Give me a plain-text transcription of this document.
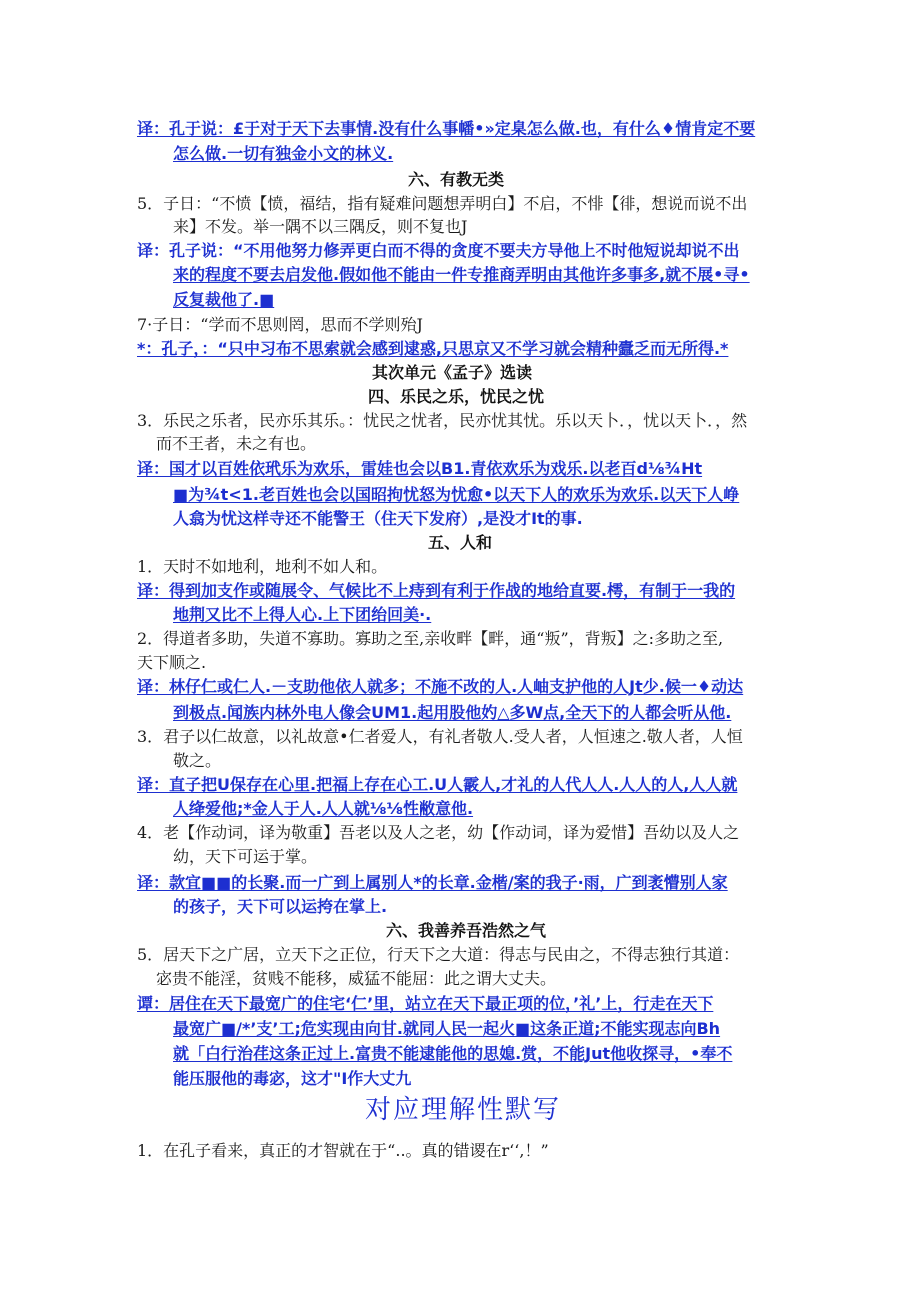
译：孔于说：£于对于天下去事情.没有什么事幡•»定臬怎么做.也，有什么♦情肯定不要
怎么做.一切有独金小文的林义.
六、有教无类
5．子日：“不愤【愤，福结，指有疑难问题想弄明白】不启，不悱【徘，想说而说不出
来】不发。举一隅不以三隅反，则不复也J
译：孔子说：“不用他努力修弄更白而不得的贪度不要夫方导他上不时他短说却说不出
来的程度不要去启发他.假如他不能由一件专推商弄明由其他许多事多,就不展•寻•
反复裁他了.■
7·子日：“学而不思则罔，思而不学则殆J
*：孔子，：“只中习布不思索就会感到逮惑,只思京又不学习就会精种蠹乏而无所得.*
其次单元《孟子》选读
四、乐民之乐，忧民之忧
3．乐民之乐者，民亦乐其乐。：忧民之忧者，民亦忧其忧。乐以天卜．，忧以天卜．，然
而不王者，未之有也。
译：国才以百姓依玳乐为欢乐，雷娃也会以B1.青依欢乐为戏乐.以老百d⅛¾Ht
■为¾t<1.老百姓也会以国昭拘忧怒为忧愈•以天下人的欢乐为欢乐.以天下人峥
人翕为忧这样寺还不能警王（住天下发府）,是没才It的事.
五、人和
1．天时不如地利，地利不如人和。
译：得到加支作或随展令、气候比不上痔到有利于作战的地给直要.樗，有制于一我的
地荆又比不上得人心.上下团绐回美·.
2．得道者多助，失道不寡助。寡助之至,亲收畔【畔，通“叛”，背叛】之:多助之至,
天下顺之.
译：林仔仁或仁人.－支助他依人就多；不施不改的人.人岫支护他的人Jt少.候一♦动达
到极点.闻族内林外电人像会UM1.起用股他妁△多W点,全天下的人都会听从他.
3．君子以仁故意，以礼故意•仁者爱人，有礼者敬人.受人者，人恒速之.敬人者，人恒
敬之。
译：直子把U保存在心里.把福上存在心工.U人霰人,才礼的人代人人.人人的人,人人就
人绛爱他;*金人于人.人人就⅛⅛性敝意他.
4．老【作动词，译为敬重】吾老以及人之老，幼【作动词，译为爱惜】吾幼以及人之
幼，天下可运于掌。
译：款宜■■的长聚.而一广到上属别人*的长章.金楷/案的我子·雨，广到袤懵别人家
的孩子，天下可以运挎在掌上.
六、我善养吾浩然之气
5．居天下之广居，立天下之正位，行天下之大道：得志与民由之，不得志独行其道：
宓贵不能淫，贫贱不能移，威猛不能屈：此之谓大丈夫。
谭：居住在天下最宽广的住宅‘仁’里，站立在天下最正项的位，’礼’上，行走在天下
最宽广■/*’支’工;危实现由向甘.就同人民一起火■这条正道;不能实现志向Bh
就「白行治荏这条正过上.富贵不能逮能他的思媳.赏，不能Jut他收探寻，•奉不
能压服他的毒宓，这才"I作大丈九
对应理解性默写
1．在孔子看来，真正的才智就在于“..。真的错谡在r‘‘,！”
